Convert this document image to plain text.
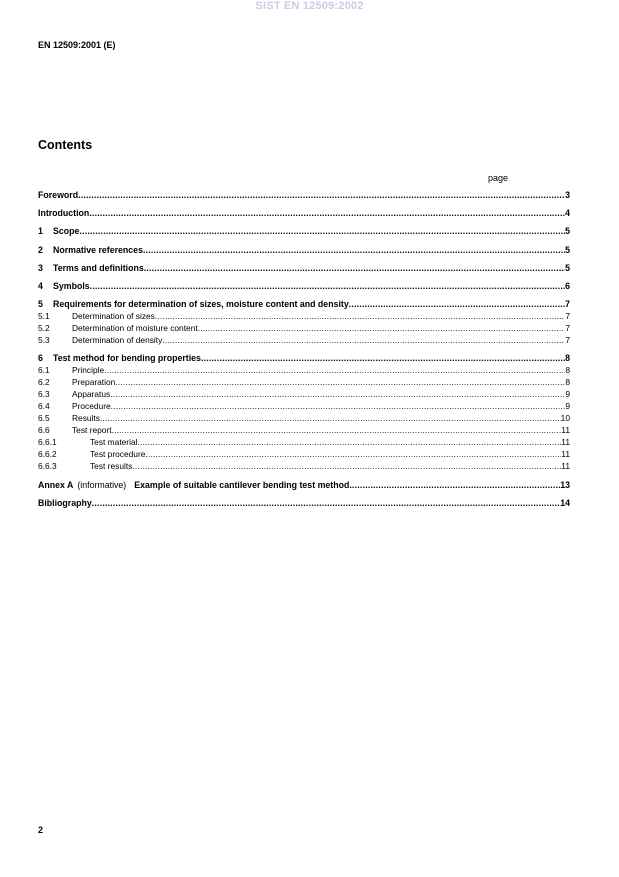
SIST EN 12509:2002
EN 12509:2001 (E)
Contents
page
Foreword .....	3
Introduction .....	4
1	Scope .....	5
2	Normative references .....	5
3	Terms and definitions .....	5
4	Symbols .....	6
5	Requirements for determination of sizes, moisture content and density .....	7
5.1	Determination of sizes .....	7
5.2	Determination of moisture content .....	7
5.3	Determination of density .....	7
6	Test method for bending properties .....	8
6.1	Principle .....	8
6.2	Preparation .....	8
6.3	Apparatus .....	9
6.4	Procedure .....	9
6.5	Results .....	10
6.6	Test report .....	11
6.6.1	Test material .....	11
6.6.2	Test procedure .....	11
6.6.3	Test results .....	11
Annex A (informative) Example of suitable cantilever bending test method .....	13
Bibliography .....	14
2
